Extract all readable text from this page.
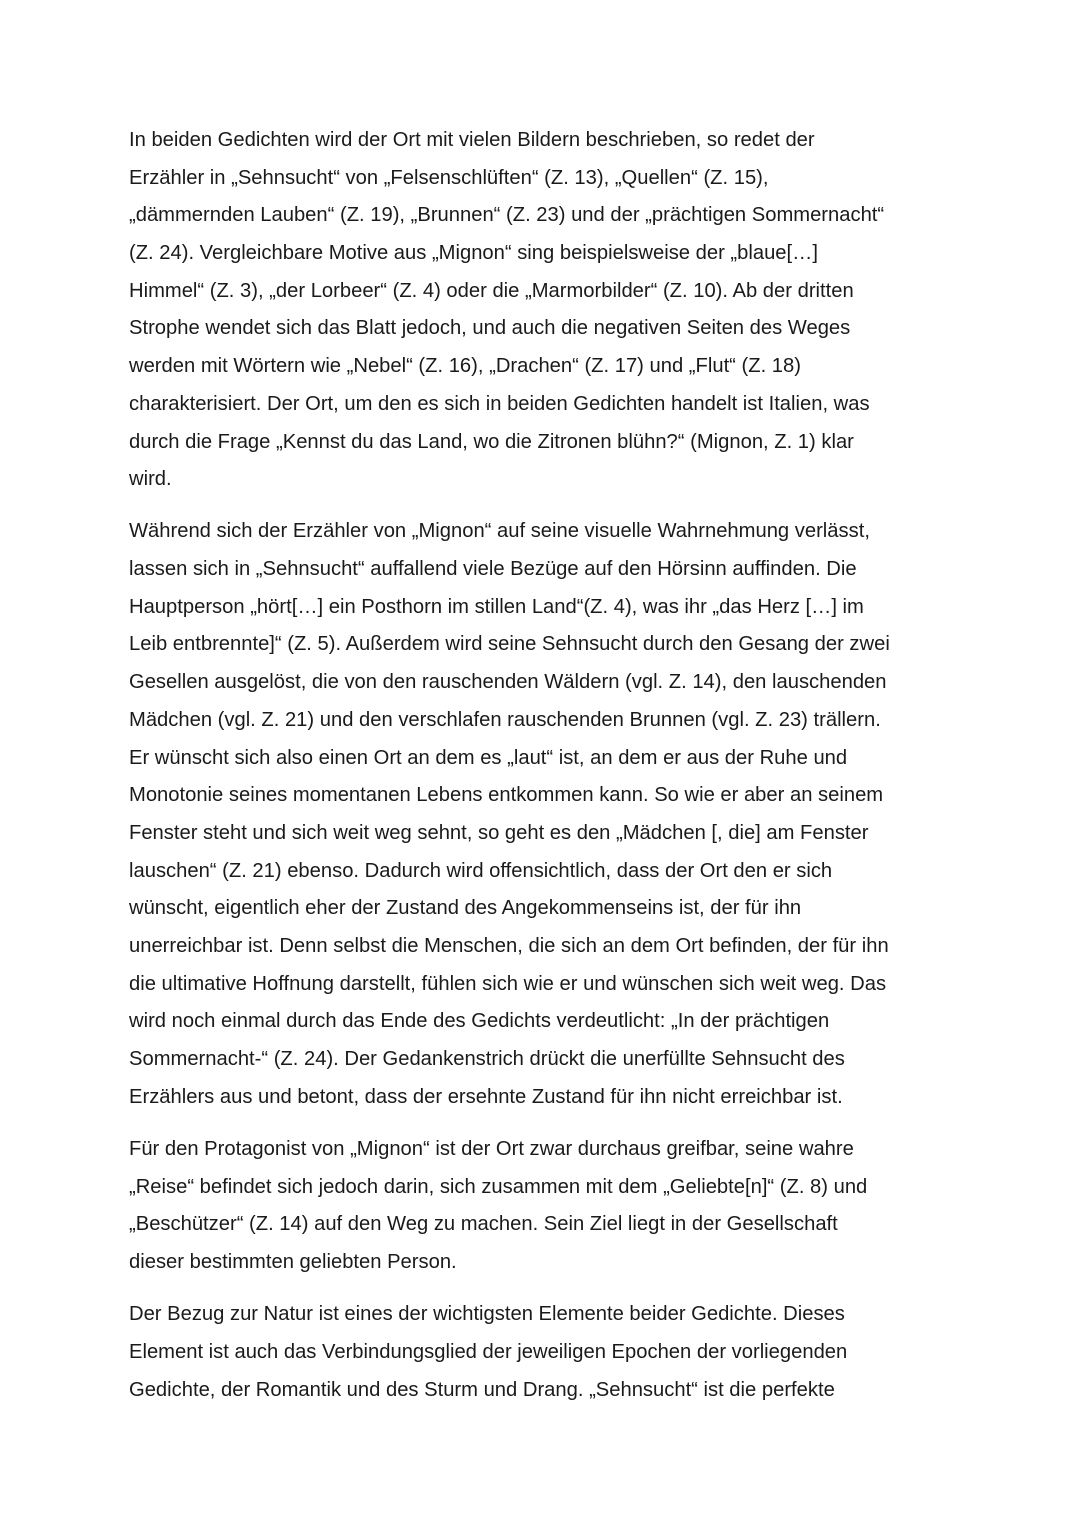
In beiden Gedichten wird der Ort mit vielen Bildern beschrieben, so redet der
Erzähler in „Sehnsucht“ von „Felsenschlüften“ (Z. 13), „Quellen“ (Z. 15),
„dämmernden Lauben“ (Z. 19), „Brunnen“ (Z. 23) und der „prächtigen Sommernacht“
(Z. 24). Vergleichbare Motive aus „Mignon“ sing beispielsweise der „blaue[…]
Himmel“ (Z. 3), „der Lorbeer“ (Z. 4) oder die „Marmorbilder“ (Z. 10). Ab der dritten
Strophe wendet sich das Blatt jedoch, und auch die negativen Seiten des Weges
werden mit Wörtern wie „Nebel“ (Z. 16), „Drachen“ (Z. 17) und „Flut“ (Z. 18)
charakterisiert. Der Ort, um den es sich in beiden Gedichten handelt ist Italien, was
durch die Frage „Kennst du das Land, wo die Zitronen blühn?“ (Mignon, Z. 1) klar
wird.
Während sich der Erzähler von „Mignon“ auf seine visuelle Wahrnehmung verlässt,
lassen sich in „Sehnsucht“ auffallend viele Bezüge auf den Hörsinn auffinden. Die
Hauptperson „hört[…] ein Posthorn im stillen Land“(Z. 4), was ihr „das Herz […] im
Leib entbrennte]“ (Z. 5). Außerdem wird seine Sehnsucht durch den Gesang der zwei
Gesellen ausgelöst, die von den rauschenden Wäldern (vgl. Z. 14), den lauschenden
Mädchen (vgl. Z. 21) und den verschlafen rauschenden Brunnen (vgl. Z. 23) trällern.
Er wünscht sich also einen Ort an dem es „laut“ ist, an dem er aus der Ruhe und
Monotonie seines momentanen Lebens entkommen kann. So wie er aber an seinem
Fenster steht und sich weit weg sehnt, so geht es den „Mädchen [, die] am Fenster
lauschen“ (Z. 21) ebenso. Dadurch wird offensichtlich, dass der Ort den er sich
wünscht, eigentlich eher der Zustand des Angekommenseins ist, der für ihn
unerreichbar ist. Denn selbst die Menschen, die sich an dem Ort befinden, der für ihn
die ultimative Hoffnung darstellt, fühlen sich wie er und wünschen sich weit weg. Das
wird noch einmal durch das Ende des Gedichts verdeutlicht: „In der prächtigen
Sommernacht-“ (Z. 24). Der Gedankenstrich drückt die unerfüllte Sehnsucht des
Erzählers aus und betont, dass der ersehnte Zustand für ihn nicht erreichbar ist.
Für den Protagonist von „Mignon“ ist der Ort zwar durchaus greifbar, seine wahre
„Reise“ befindet sich jedoch darin, sich zusammen mit dem „Geliebte[n]“ (Z. 8) und
„Beschützer“ (Z. 14) auf den Weg zu machen. Sein Ziel liegt in der Gesellschaft
dieser bestimmten geliebten Person.
Der Bezug zur Natur ist eines der wichtigsten Elemente beider Gedichte. Dieses
Element ist auch das Verbindungsglied der jeweiligen Epochen der vorliegenden
Gedichte, der Romantik und des Sturm und Drang. „Sehnsucht“ ist die perfekte
